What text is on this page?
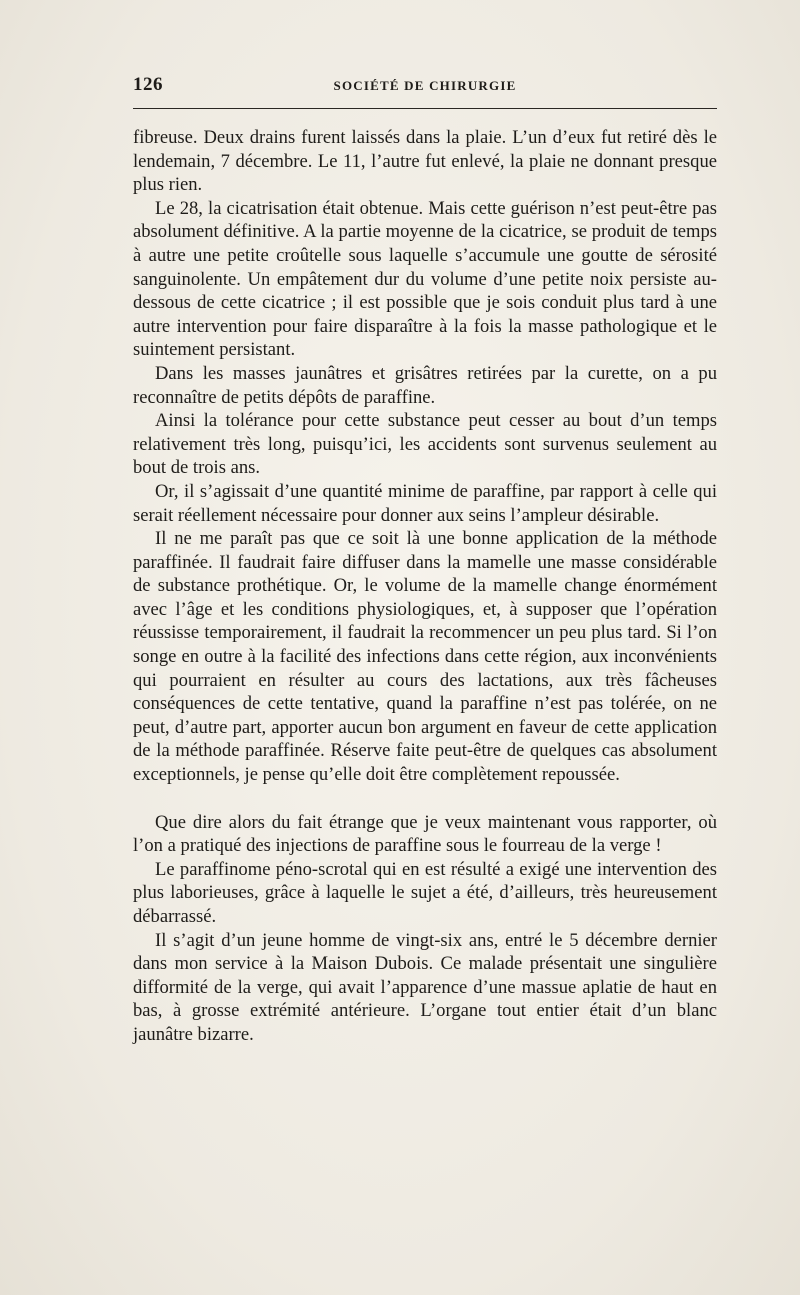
126	SOCIÉTÉ DE CHIRURGIE

fibreuse. Deux drains furent laissés dans la plaie. L’un d’eux fut retiré dès le lendemain, 7 décembre. Le 11, l’autre fut enlevé, la plaie ne donnant presque plus rien.

Le 28, la cicatrisation était obtenue. Mais cette guérison n’est peut-être pas absolument définitive. A la partie moyenne de la cicatrice, se produit de temps à autre une petite croûtelle sous laquelle s’accumule une goutte de sérosité sanguinolente. Un empâtement dur du volume d’une petite noix persiste au-dessous de cette cicatrice ; il est possible que je sois conduit plus tard à une autre intervention pour faire disparaître à la fois la masse pathologique et le suintement persistant.

Dans les masses jaunâtres et grisâtres retirées par la curette, on a pu reconnaître de petits dépôts de paraffine.

Ainsi la tolérance pour cette substance peut cesser au bout d’un temps relativement très long, puisqu’ici, les accidents sont survenus seulement au bout de trois ans.

Or, il s’agissait d’une quantité minime de paraffine, par rapport à celle qui serait réellement nécessaire pour donner aux seins l’ampleur désirable.

Il ne me paraît pas que ce soit là une bonne application de la méthode paraffinée. Il faudrait faire diffuser dans la mamelle une masse considérable de substance prothétique. Or, le volume de la mamelle change énormément avec l’âge et les conditions physiologiques, et, à supposer que l’opération réussisse temporairement, il faudrait la recommencer un peu plus tard. Si l’on songe en outre à la facilité des infections dans cette région, aux inconvénients qui pourraient en résulter au cours des lactations, aux très fâcheuses conséquences de cette tentative, quand la paraffine n’est pas tolérée, on ne peut, d’autre part, apporter aucun bon argument en faveur de cette application de la méthode paraffinée. Réserve faite peut-être de quelques cas absolument exceptionnels, je pense qu’elle doit être complètement repoussée.

Que dire alors du fait étrange que je veux maintenant vous rapporter, où l’on a pratiqué des injections de paraffine sous le fourreau de la verge !

Le paraffinome péno-scrotal qui en est résulté a exigé une intervention des plus laborieuses, grâce à laquelle le sujet a été, d’ailleurs, très heureusement débarrassé.

Il s’agit d’un jeune homme de vingt-six ans, entré le 5 décembre dernier dans mon service à la Maison Dubois. Ce malade présentait une singulière difformité de la verge, qui avait l’apparence d’une massue aplatie de haut en bas, à grosse extrémité antérieure. L’organe tout entier était d’un blanc jaunâtre bizarre.
